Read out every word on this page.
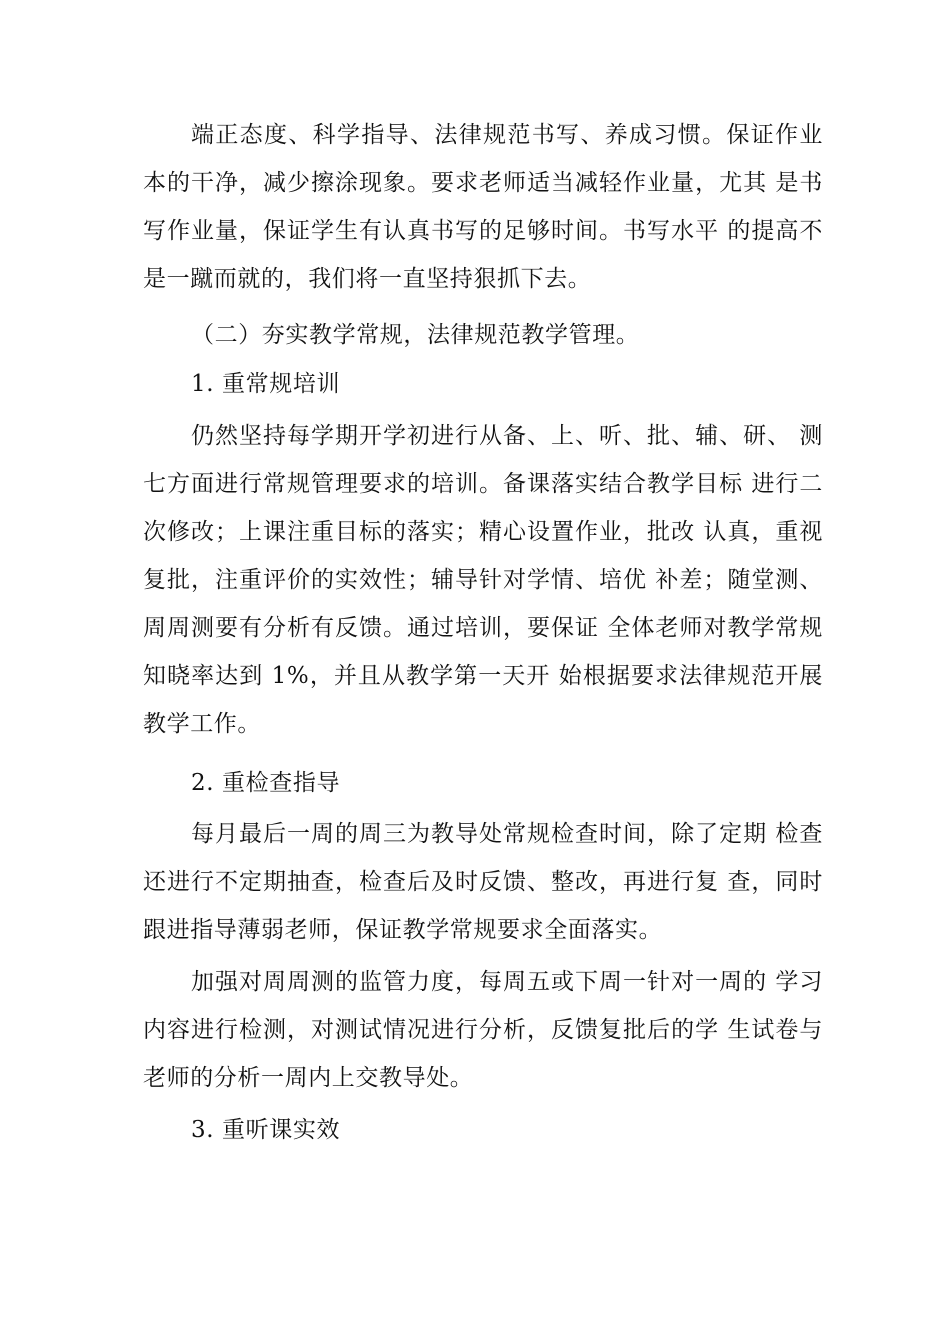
端正态度、科学指导、法律规范书写、养成习惯。保证作业本的干净，减少擦涂现象。要求老师适当减轻作业量，尤其 是书写作业量，保证学生有认真书写的足够时间。书写水平 的提高不是一蹴而就的，我们将一直坚持狠抓下去。

（二）夯实教学常规，法律规范教学管理。

1. 重常规培训

仍然坚持每学期开学初进行从备、上、听、批、辅、研、 测七方面进行常规管理要求的培训。备课落实结合教学目标 进行二次修改；上课注重目标的落实；精心设置作业，批改 认真，重视复批，注重评价的实效性；辅导针对学情、培优 补差；随堂测、周周测要有分析有反馈。通过培训，要保证 全体老师对教学常规知晓率达到 1%，并且从教学第一天开 始根据要求法律规范开展教学工作。

2. 重检查指导

每月最后一周的周三为教导处常规检查时间，除了定期 检查还进行不定期抽查，检查后及时反馈、整改，再进行复 查，同时跟进指导薄弱老师，保证教学常规要求全面落实。

加强对周周测的监管力度，每周五或下周一针对一周的 学习内容进行检测，对测试情况进行分析，反馈复批后的学 生试卷与老师的分析一周内上交教导处。

3. 重听课实效
